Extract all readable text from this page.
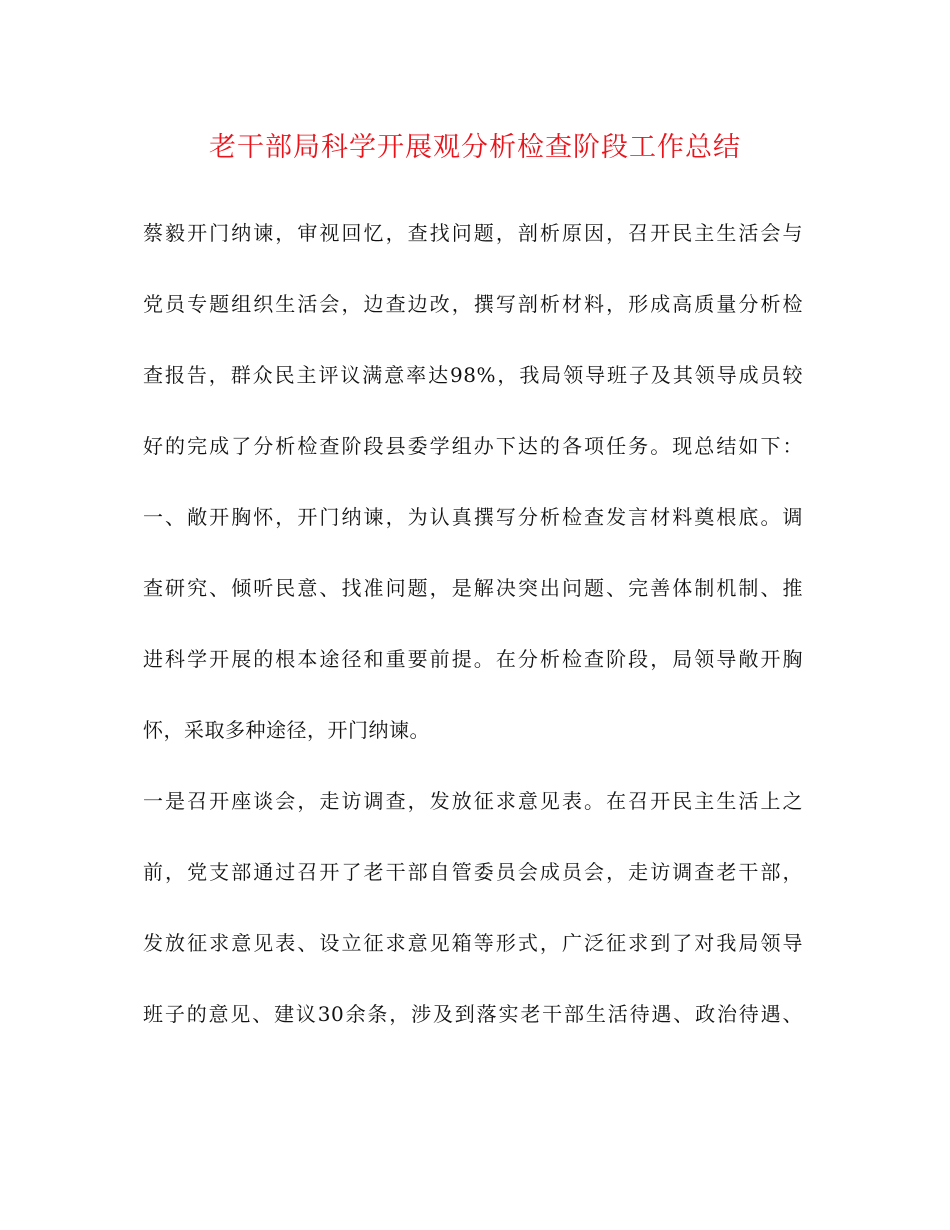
老干部局科学开展观分析检查阶段工作总结
蔡毅开门纳谏，审视回忆，查找问题，剖析原因，召开民主生活会与
党员专题组织生活会，边查边改，撰写剖析材料，形成高质量分析检
查报告，群众民主评议满意率达98%，我局领导班子及其领导成员较
好的完成了分析检查阶段县委学组办下达的各项任务。现总结如下：
一、敞开胸怀，开门纳谏，为认真撰写分析检查发言材料奠根底。调
查研究、倾听民意、找准问题，是解决突出问题、完善体制机制、推
进科学开展的根本途径和重要前提。在分析检查阶段，局领导敞开胸
怀，采取多种途径，开门纳谏。
一是召开座谈会，走访调查，发放征求意见表。在召开民主生活上之
前，党支部通过召开了老干部自管委员会成员会，走访调查老干部，
发放征求意见表、设立征求意见箱等形式，广泛征求到了对我局领导
班子的意见、建议30余条，涉及到落实老干部生活待遇、政治待遇、
